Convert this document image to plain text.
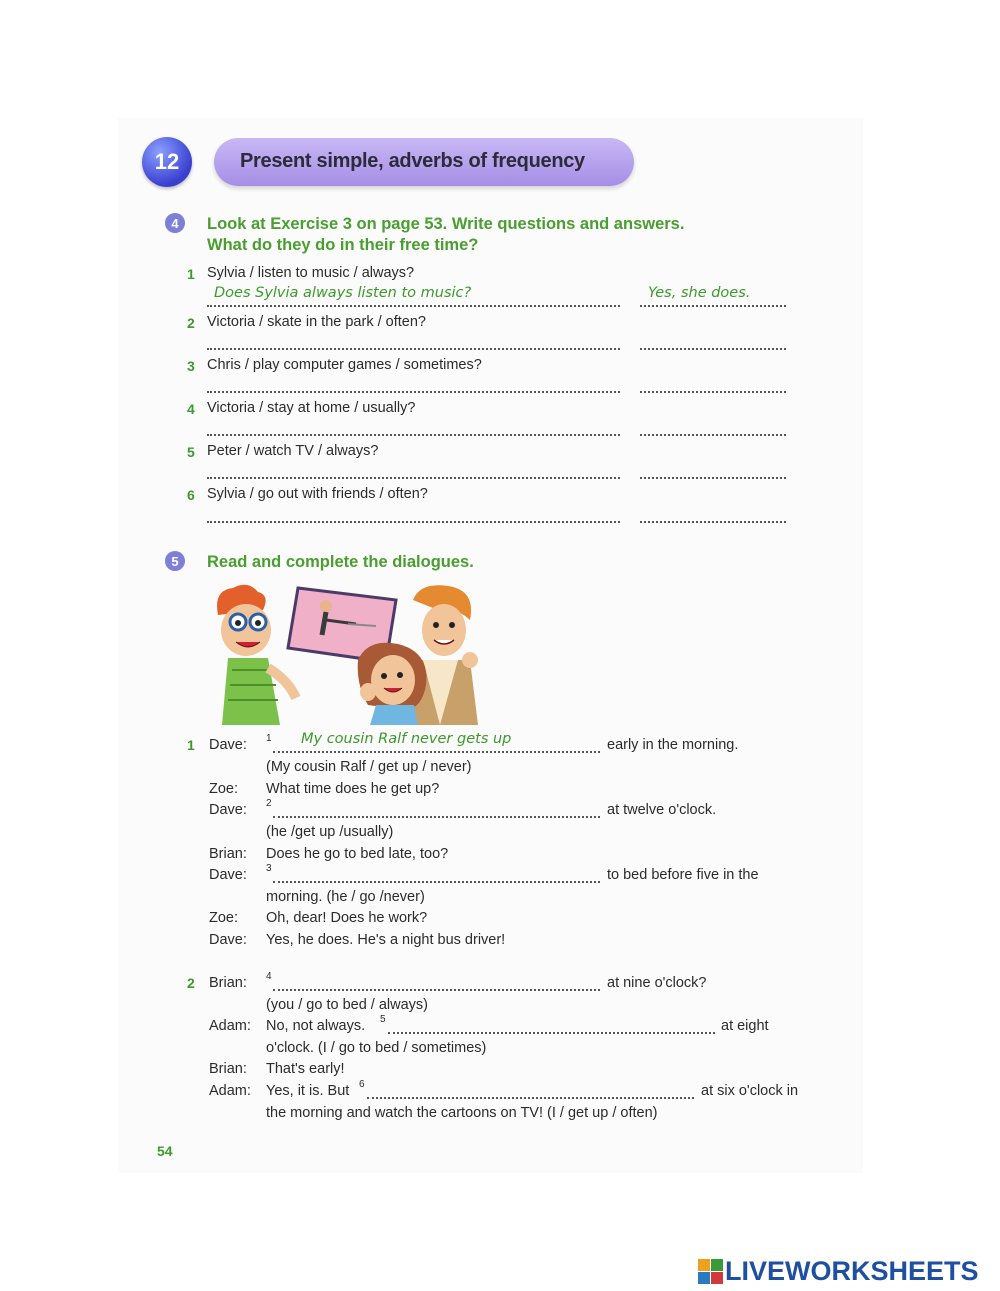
12	Present simple, adverbs of frequency
4 Look at Exercise 3 on page 53. Write questions and answers.
What do they do in their free time?
1 Sylvia / listen to music / always?
Does Sylvia always listen to music?	Yes, she does.
2 Victoria / skate in the park / often?
3 Chris / play computer games / sometimes?
4 Victoria / stay at home / usually?
5 Peter / watch TV / always?
6 Sylvia / go out with friends / often?
5 Read and complete the dialogues.
1 Dave: 1 My cousin Ralf never gets up	early in the morning.
(My cousin Ralf / get up / never)
Zoe: What time does he get up?
Dave: 2	at twelve o'clock.
(he /get up /usually)
Brian: Does he go to bed late, too?
Dave: 3	to bed before five in the
morning. (he / go /never)
Zoe: Oh, dear! Does he work?
Dave: Yes, he does. He's a night bus driver!
2 Brian: 4	at nine o'clock?
(you / go to bed / always)
Adam: No, not always. 5	at eight
o'clock. (I / go to bed / sometimes)
Brian: That's early!
Adam: Yes, it is. But 6	at six o'clock in
the morning and watch the cartoons on TV! (I / get up / often)
54
LIVEWORKSHEETS
